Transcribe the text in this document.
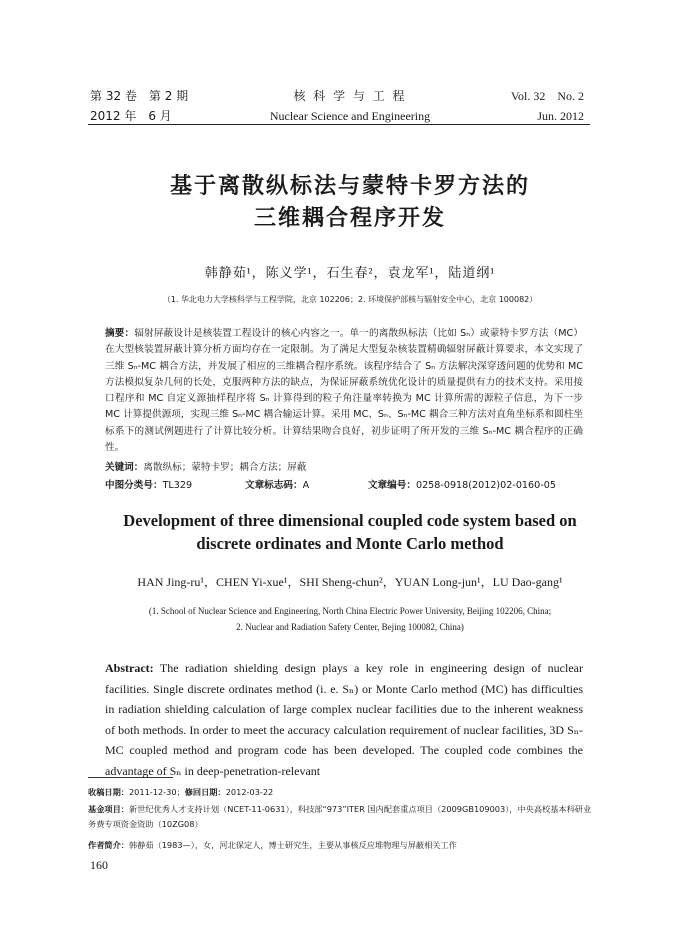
第 32 卷　第 2 期
2012 年　6 月
核 科 学 与 工 程
Nuclear Science and Engineering
Vol. 32　No. 2
Jun. 2012
基于离散纵标法与蒙特卡罗方法的
三维耦合程序开发
韩静茹¹，陈义学¹，石生春²，袁龙军¹，陆道纲¹
（1. 华北电力大学核科学与工程学院，北京 102206；2. 环境保护部核与辐射安全中心，北京 100082）
摘要：辐射屏蔽设计是核装置工程设计的核心内容之一。单一的离散纵标法（比如 Sₙ）或蒙特卡罗方法（MC）在大型核装置屏蔽计算分析方面均存在一定限制。为了满足大型复杂核装置精确辐射屏蔽计算要求，本文实现了三维 Sₙ-MC 耦合方法，并发展了相应的三维耦合程序系统。该程序结合了 Sₙ 方法解决深穿透问题的优势和 MC 方法模拟复杂几何的长处，克服两种方法的缺点，为保证屏蔽系统优化设计的质量提供有力的技术支持。采用接口程序和 MC 自定义源抽样程序将 Sₙ 计算得到的粒子角注量率转换为 MC 计算所需的源粒子信息，为下一步 MC 计算提供源项，实现三维 Sₙ-MC 耦合输运计算。采用 MC、Sₙ、Sₙ-MC 耦合三种方法对直角坐标系和圆柱坐标系下的测试例题进行了计算比较分析。计算结果吻合良好，初步证明了所开发的三维 Sₙ-MC 耦合程序的正确性。
关键词：离散纵标；蒙特卡罗；耦合方法；屏蔽
中图分类号：TL329	文章标志码：A	文章编号：0258-0918(2012)02-0160-05
Development of three dimensional coupled code system based on
discrete ordinates and Monte Carlo method
HAN Jing-ru¹，CHEN Yi-xue¹，SHI Sheng-chun²，YUAN Long-jun¹，LU Dao-gang¹
(1. School of Nuclear Science and Engineering, North China Electric Power University, Beijing 102206, China;
2. Nuclear and Radiation Safety Center, Bejing 100082, China)
Abstract: The radiation shielding design plays a key role in engineering design of nuclear facilities. Single discrete ordinates method (i. e. Sₙ) or Monte Carlo method (MC) has difficulties in radiation shielding calculation of large complex nuclear facilities due to the inherent weakness of both methods. In order to meet the accuracy calculation requirement of nuclear facilities, 3D Sₙ-MC coupled method and program code has been developed. The coupled code combines the advantage of Sₙ in deep-penetration-relevant
收稿日期：2011-12-30；修回日期：2012-03-22
基金项目：新世纪优秀人才支持计划（NCET-11-0631），科技部“973”ITER 国内配套重点项目（2009GB109003），中央高校基本科研业务费专项资金资助（10ZG08）
作者简介：韩静茹（1983—），女，河北保定人，博士研究生，主要从事核反应堆物理与屏蔽相关工作
160
